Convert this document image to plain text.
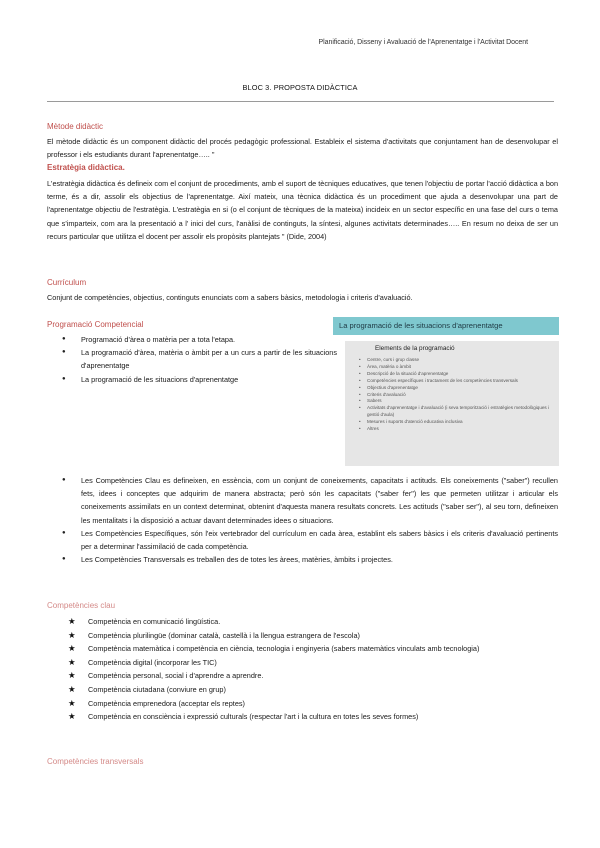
Planificació, Disseny i Avaluació de l'Aprenentatge i l'Activitat Docent
BLOC 3. PROPOSTA DIDÀCTICA
Mètode didàctic
El mètode didàctic és un component didàctic del procés pedagògic professional. Estableix el sistema d'activitats que conjuntament han de desenvolupar el professor i els estudiants durant l'aprenentatge….. "
Estratègia didàctica.
L'estratègia didàctica és defineix com el conjunt de procediments, amb el suport de tècniques educatives, que tenen l'objectiu de portar l'acció didàctica a bon terme, és a dir, assolir els objectius de l'aprenentatge. Així mateix, una tècnica didàctica és un procediment que ajuda a desenvolupar una part de l'aprenentatge objectiu de l'estratègia. L'estratègia en si (o el conjunt de tècniques de la mateixa) incideix en un sector específic en una fase del curs o tema que s'imparteix, com ara la presentació a l' inici del curs, l'anàlisi de continguts, la síntesi, algunes activitats determinades….. En resum no deixa de ser un recurs particular que utilitza el docent per assolir els propòsits plantejats " (Dide, 2004)
Currículum
Conjunt de competències, objectius, continguts enunciats com a sabers bàsics, metodologia i criteris d'avaluació.
Programació Competencial
● Programació d'àrea o matèria per a tota l'etapa.
● La programació d'àrea, matèria o àmbit per a un curs a partir de les situacions d'aprenentatge
● La programació de les situacions d'aprenentatge
La programació de les situacions d'aprenentatge
Elements de la programació
• Centre, curs i grup classe
• Àrea, matèria o àmbit
• Descripció de la situació d'aprenentatge
• Competències específiques i tractament de les competències transversals
• Objectius d'aprenentatge
• Criteris d'avaluació
• Sabers
• Activitats d'aprenentatge i d'avaluació (i seva temporització i estratègies metodològiques i gestió d'aula)
• Mesures i suports d'atenció educativa inclusiva
• Altres
● Les Competències Clau es defineixen, en essència, com un conjunt de coneixements, capacitats i actituds. Els coneixements ("saber") recullen fets, idees i conceptes que adquirim de manera abstracta; però són les capacitats ("saber fer") les que permeten utilitzar i articular els coneixements assimilats en un context determinat, obtenint d'aquesta manera resultats concrets. Les actituds ("saber ser"), al seu torn, defineixen les mentalitats i la disposició a actuar davant determinades idees o situacions.
● Les Competències Específiques, són l'eix vertebrador del currículum en cada àrea, establint els sabers bàsics i els criteris d'avaluació pertinents per a determinar l'assimilació de cada competència.
● Les Competències Transversals es treballen des de totes les àrees, matèries, àmbits i projectes.
Competències clau
★ Competència en comunicació lingüística.
★ Competència plurilingüe (dominar català, castellà i la llengua estrangera de l'escola)
★ Competència matemàtica i competència en ciència, tecnologia i enginyeria (sabers matemàtics vinculats amb tecnologia)
★ Competència digital (incorporar les TIC)
★ Competència personal, social i d'aprendre a aprendre.
★ Competència ciutadana (conviure en grup)
★ Competència emprenedora (acceptar els reptes)
★ Competència en consciència i expressió culturals (respectar l'art i la cultura en totes les seves formes)
Competències transversals
